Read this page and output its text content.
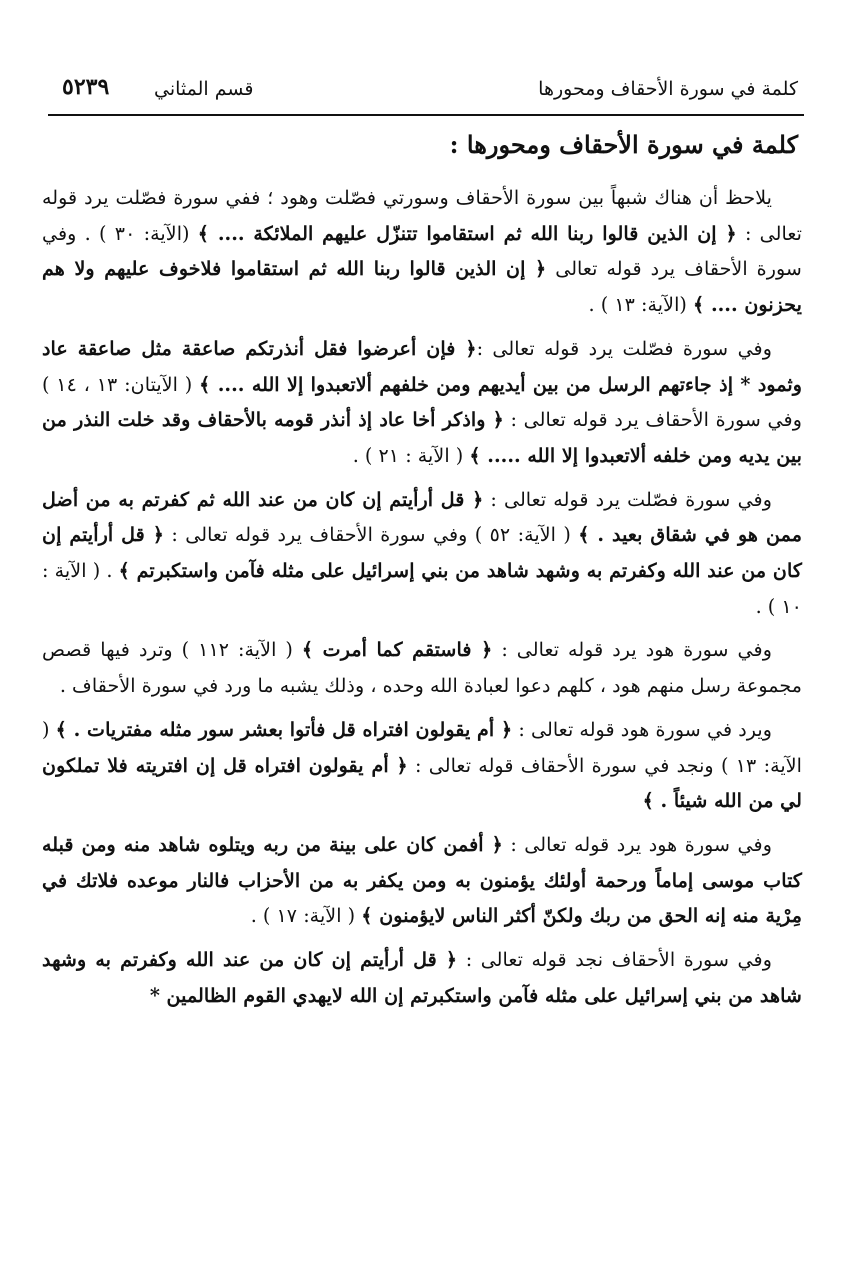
كلمة في سورة الأحقاف ومحورها
قسم المثاني
٥٢٣٩
كلمة في سورة الأحقاف ومحورها :

يلاحظ أن هناك شبهاً بين سورة الأحقاف وسورتي فصّلت وهود ؛ ففي سورة فصّلت يرد قوله تعالى : ﴿ إن الذين قالوا ربنا الله ثم استقاموا تتنزّل عليهم الملائكة .... ﴾ (الآية: ٣٠ ) . وفي سورة الأحقاف يرد قوله تعالى ﴿ إن الذين قالوا ربنا الله ثم استقاموا فلاخوف عليهم ولا هم يحزنون .... ﴾ (الآية: ١٣ ) .

وفي سورة فصّلت يرد قوله تعالى :﴿ فإن أعرضوا فقل أنذرتكم صاعقة مثل صاعقة عاد وثمود * إذ جاءتهم الرسل من بين أيديهم ومن خلفهم ألاتعبدوا إلا الله .... ﴾ ( الآيتان: ١٣ ، ١٤ ) وفي سورة الأحقاف يرد قوله تعالى : ﴿ واذكر أخا عاد إذ أنذر قومه بالأحقاف وقد خلت النذر من بين يديه ومن خلفه ألاتعبدوا إلا الله ..... ﴾ ( الآية : ٢١ ) .

وفي سورة فصّلت يرد قوله تعالى : ﴿ قل أرأيتم إن كان من عند الله ثم كفرتم به من أضل ممن هو في شقاق بعيد . ﴾ ( الآية: ٥٢ ) وفي سورة الأحقاف يرد قوله تعالى : ﴿ قل أرأيتم إن كان من عند الله وكفرتم به وشهد شاهد من بني إسرائيل على مثله فآمن واستكبرتم ﴾ . ( الآية : ١٠ ) .

وفي سورة هود يرد قوله تعالى : ﴿ فاستقم كما أمرت ﴾ ( الآية: ١١٢ ) وترد فيها قصص مجموعة رسل منهم هود ، كلهم دعوا لعبادة الله وحده ، وذلك يشبه ما ورد في سورة الأحقاف .

ويرد في سورة هود قوله تعالى : ﴿ أم يقولون افتراه قل فأتوا بعشر سور مثله مفتريات . ﴾ ( الآية: ١٣ ) ونجد في سورة الأحقاف قوله تعالى : ﴿ أم يقولون افتراه قل إن افتريته فلا تملكون لي من الله شيئاً . ﴾

وفي سورة هود يرد قوله تعالى : ﴿ أفمن كان على بينة من ربه ويتلوه شاهد منه ومن قبله كتاب موسى إماماً ورحمة أولئك يؤمنون به ومن يكفر به من الأحزاب فالنار موعده فلاتك في مِرْية منه إنه الحق من ربك ولكنّ أكثر الناس لايؤمنون ﴾ ( الآية: ١٧ ) .

وفي سورة الأحقاف نجد قوله تعالى : ﴿ قل أرأيتم إن كان من عند الله وكفرتم به وشهد شاهد من بني إسرائيل على مثله فآمن واستكبرتم إن الله لايهدي القوم الظالمين *
